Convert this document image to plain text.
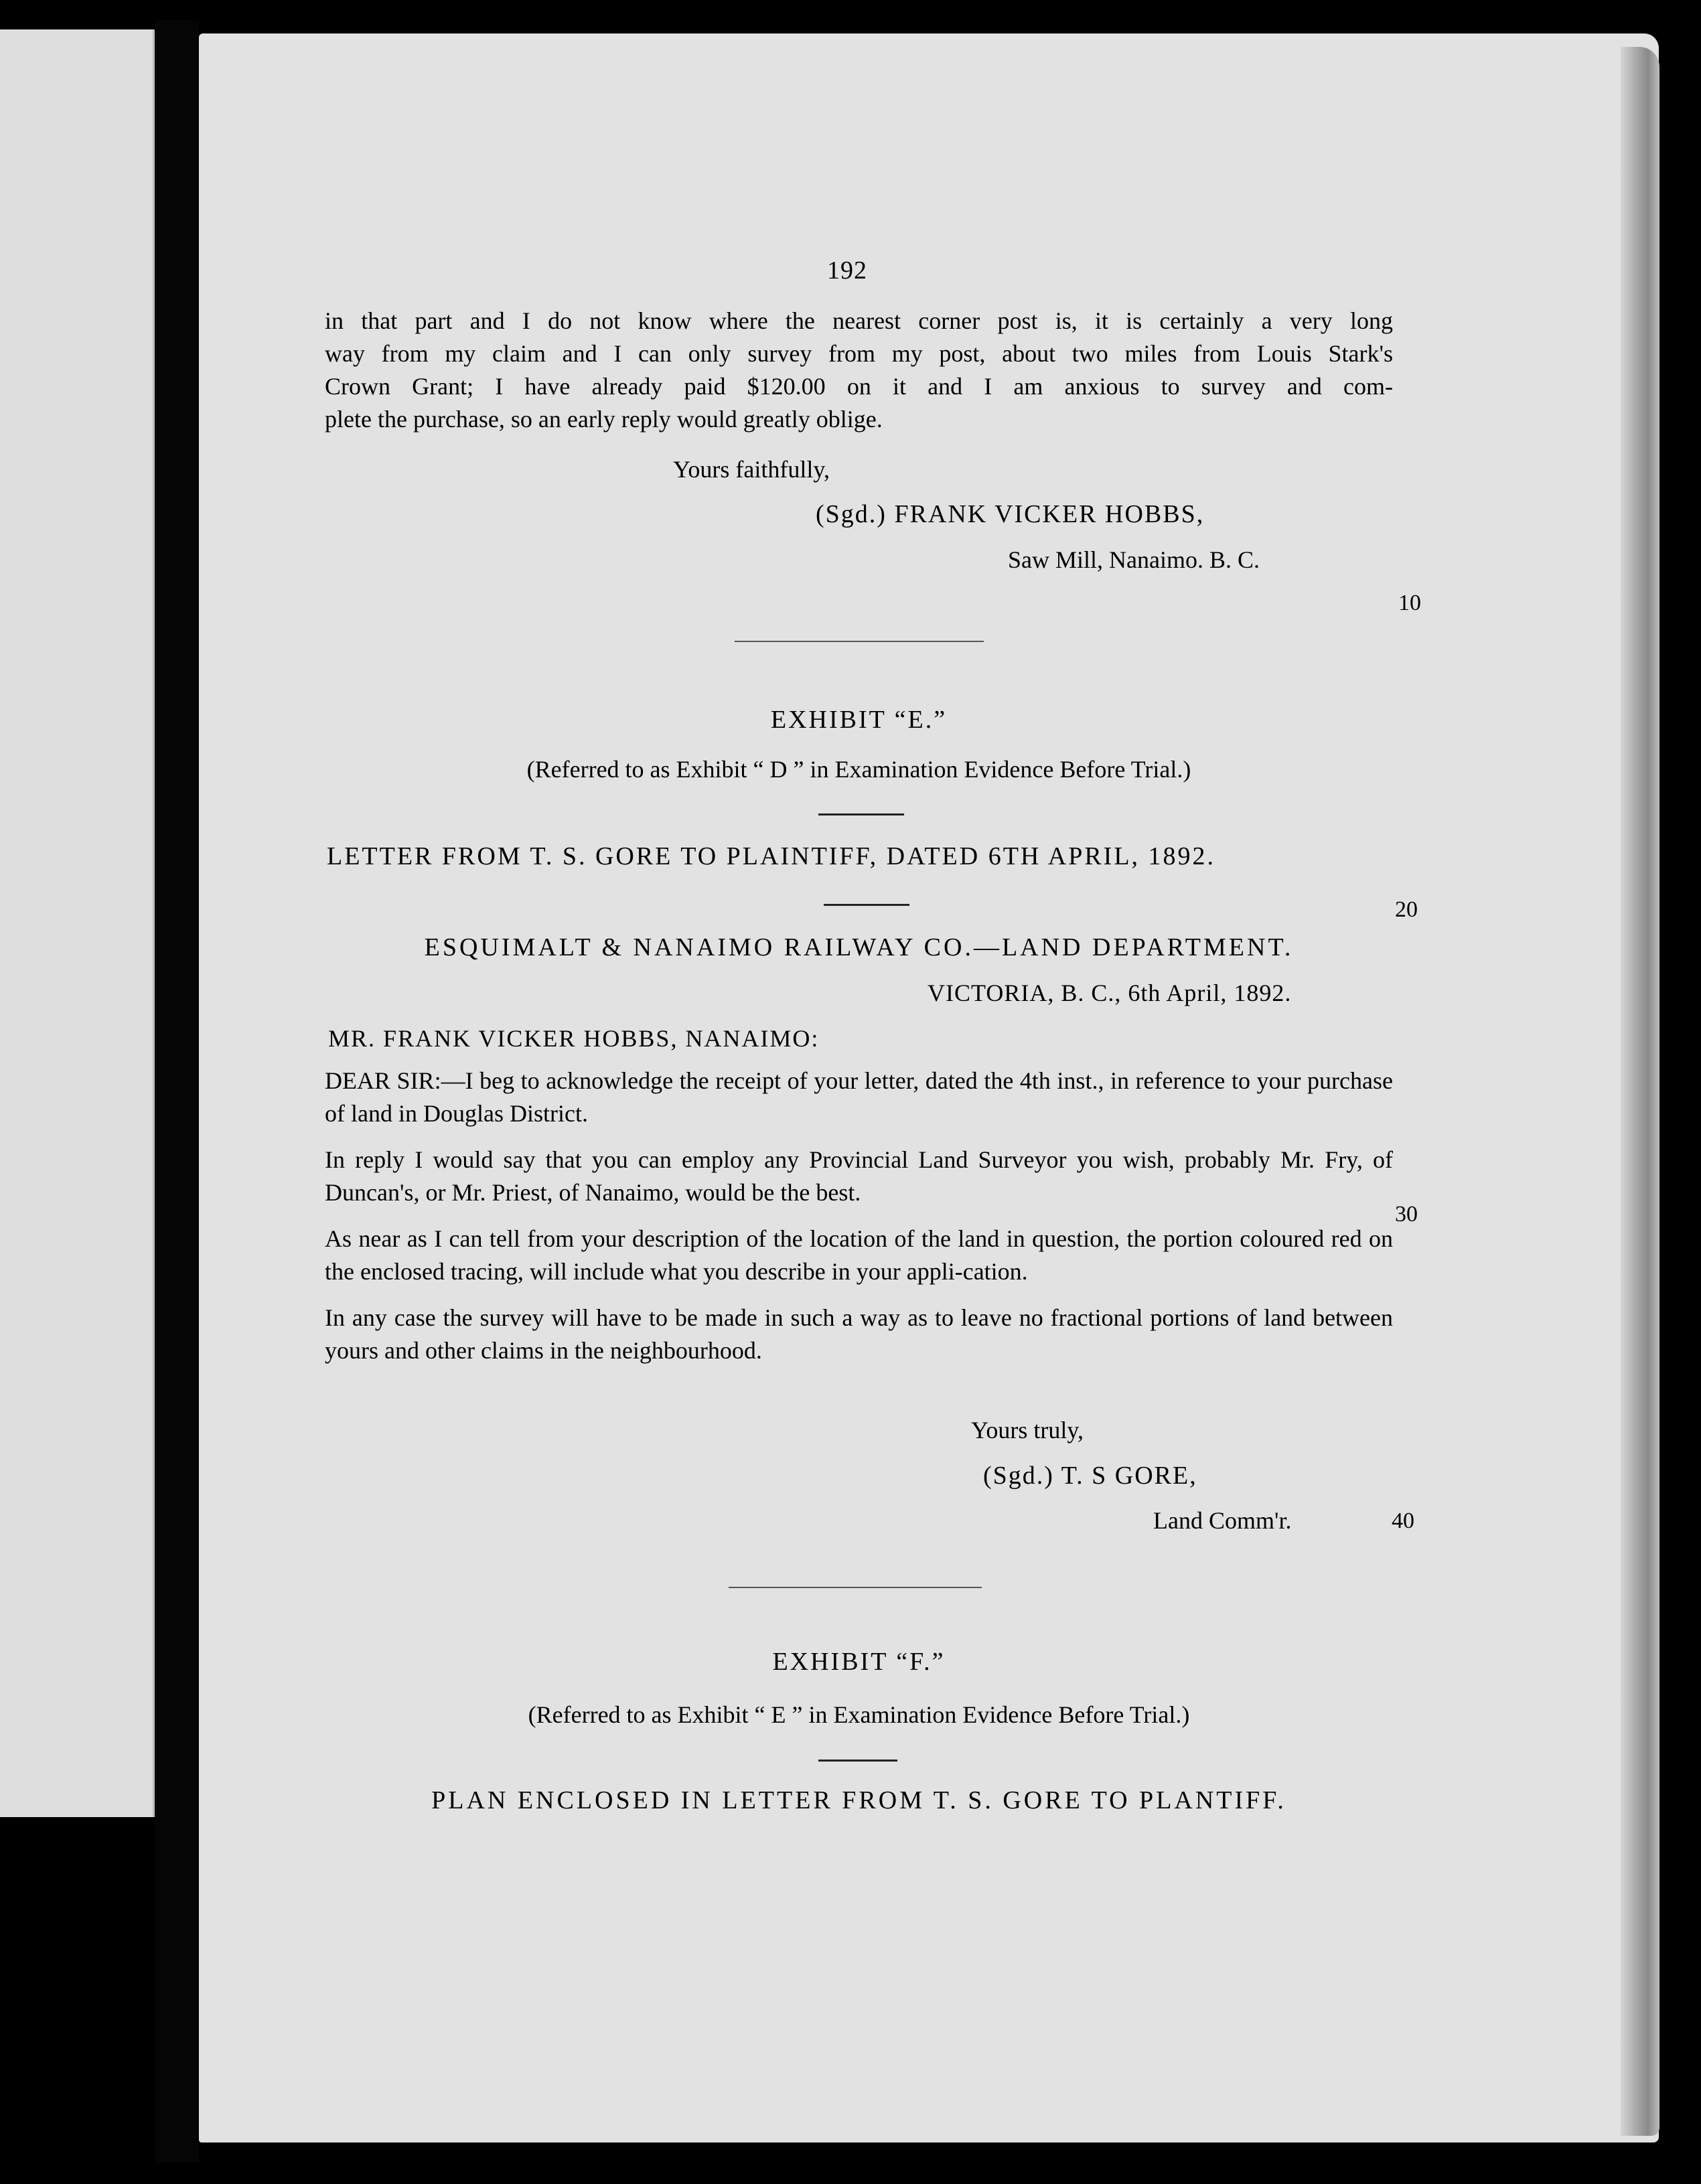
192
in that part and I do not know where the nearest corner post is, it is certainly a very long
way from my claim and I can only survey from my post, about two miles from Louis Stark's
Crown Grant; I have already paid $120.00 on it and I am anxious to survey and com-
plete the purchase, so an early reply would greatly oblige.
Yours faithfully,
(Sgd.) FRANK VICKER HOBBS,
Saw Mill, Nanaimo. B. C.
10
EXHIBIT “E.”
(Referred to as Exhibit “ D ” in Examination Evidence Before Trial.)
LETTER FROM T. S. GORE TO PLAINTIFF, DATED 6TH APRIL, 1892.
20
ESQUIMALT & NANAIMO RAILWAY CO.—LAND DEPARTMENT.
VICTORIA, B. C., 6th April, 1892.
MR. FRANK VICKER HOBBS, NANAIMO:

DEAR SIR:—I beg to acknowledge the receipt of your letter, dated the 4th inst., in reference to your purchase of land in Douglas District.

In reply I would say that you can employ any Provincial Land Surveyor you wish, probably Mr. Fry, of Duncan's, or Mr. Priest, of Nanaimo, would be the best.

As near as I can tell from your description of the location of the land in question, the portion coloured red on the enclosed tracing, will include what you describe in your appli-cation.

In any case the survey will have to be made in such a way as to leave no fractional portions of land between yours and other claims in the neighbourhood.

30
Yours truly,
(Sgd.) T. S GORE,
Land Comm'r.	40
EXHIBIT “F.”
(Referred to as Exhibit “ E ” in Examination Evidence Before Trial.)
PLAN ENCLOSED IN LETTER FROM T. S. GORE TO PLANTIFF.
